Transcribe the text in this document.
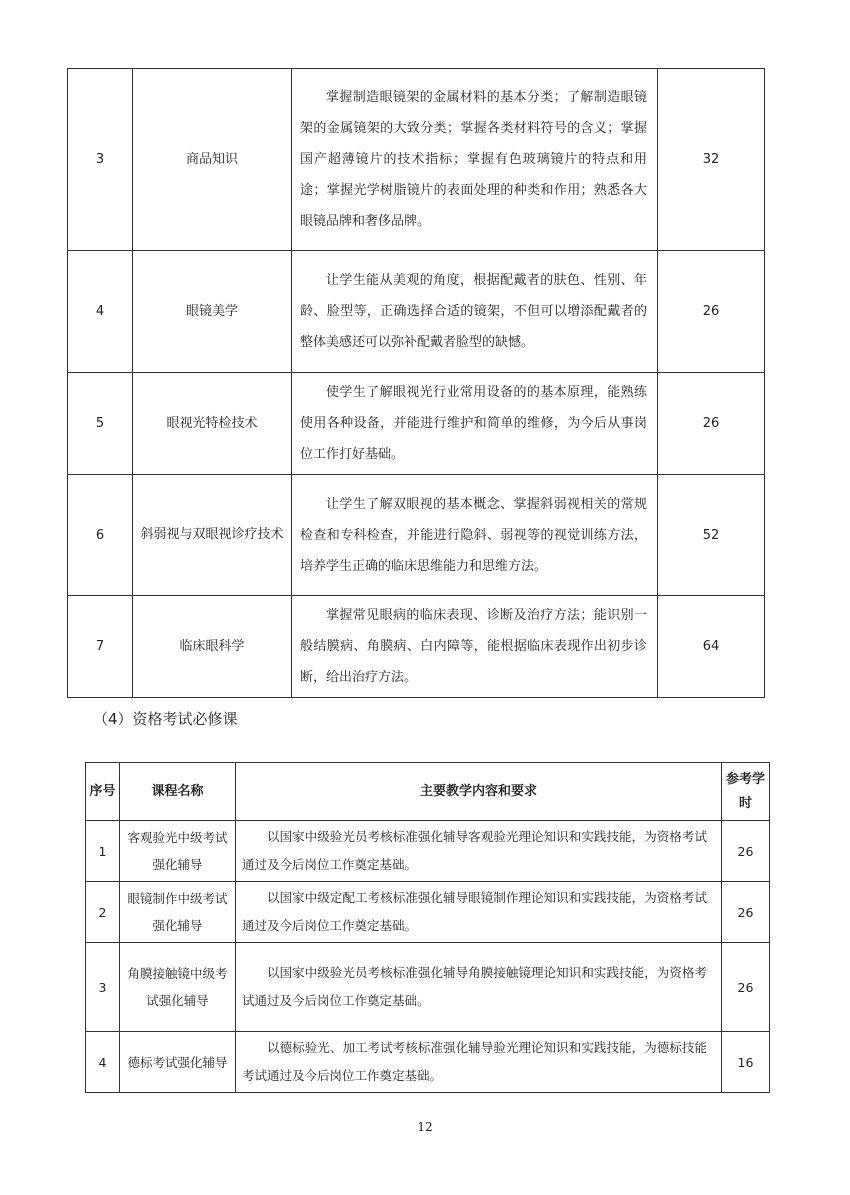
3	商品知识	掌握制造眼镜架的金属材料的基本分类；了解制造眼镜架的金属镜架的大致分类；掌握各类材料符号的含义；掌握国产超薄镜片的技术指标；掌握有色玻璃镜片的特点和用途；掌握光学树脂镜片的表面处理的种类和作用；熟悉各大眼镜品牌和奢侈品牌。	32
4	眼镜美学	让学生能从美观的角度，根据配戴者的肤色、性别、年龄、脸型等，正确选择合适的镜架，不但可以增添配戴者的整体美感还可以弥补配戴者脸型的缺憾。	26
5	眼视光特检技术	使学生了解眼视光行业常用设备的的基本原理，能熟练使用各种设备，并能进行维护和简单的维修，为今后从事岗位工作打好基础。	26
6	斜弱视与双眼视诊疗技术	让学生了解双眼视的基本概念、掌握斜弱视相关的常规检查和专科检查，并能进行隐斜、弱视等的视觉训练方法，培养学生正确的临床思维能力和思维方法。	52
7	临床眼科学	掌握常见眼病的临床表现、诊断及治疗方法；能识别一般结膜病、角膜病、白内障等，能根据临床表现作出初步诊断，给出治疗方法。	64
（4）资格考试必修课
序号	课程名称	主要教学内容和要求	参考学时
1	客观验光中级考试强化辅导	以国家中级验光员考核标准强化辅导客观验光理论知识和实践技能，为资格考试通过及今后岗位工作奠定基础。	26
2	眼镜制作中级考试强化辅导	以国家中级定配工考核标准强化辅导眼镜制作理论知识和实践技能，为资格考试通过及今后岗位工作奠定基础。	26
3	角膜接触镜中级考试强化辅导	以国家中级验光员考核标准强化辅导角膜接触镜理论知识和实践技能，为资格考试通过及今后岗位工作奠定基础。	26
4	德标考试强化辅导	以德标验光、加工考试考核标准强化辅导验光理论知识和实践技能，为德标技能考试通过及今后岗位工作奠定基础。	16
12
